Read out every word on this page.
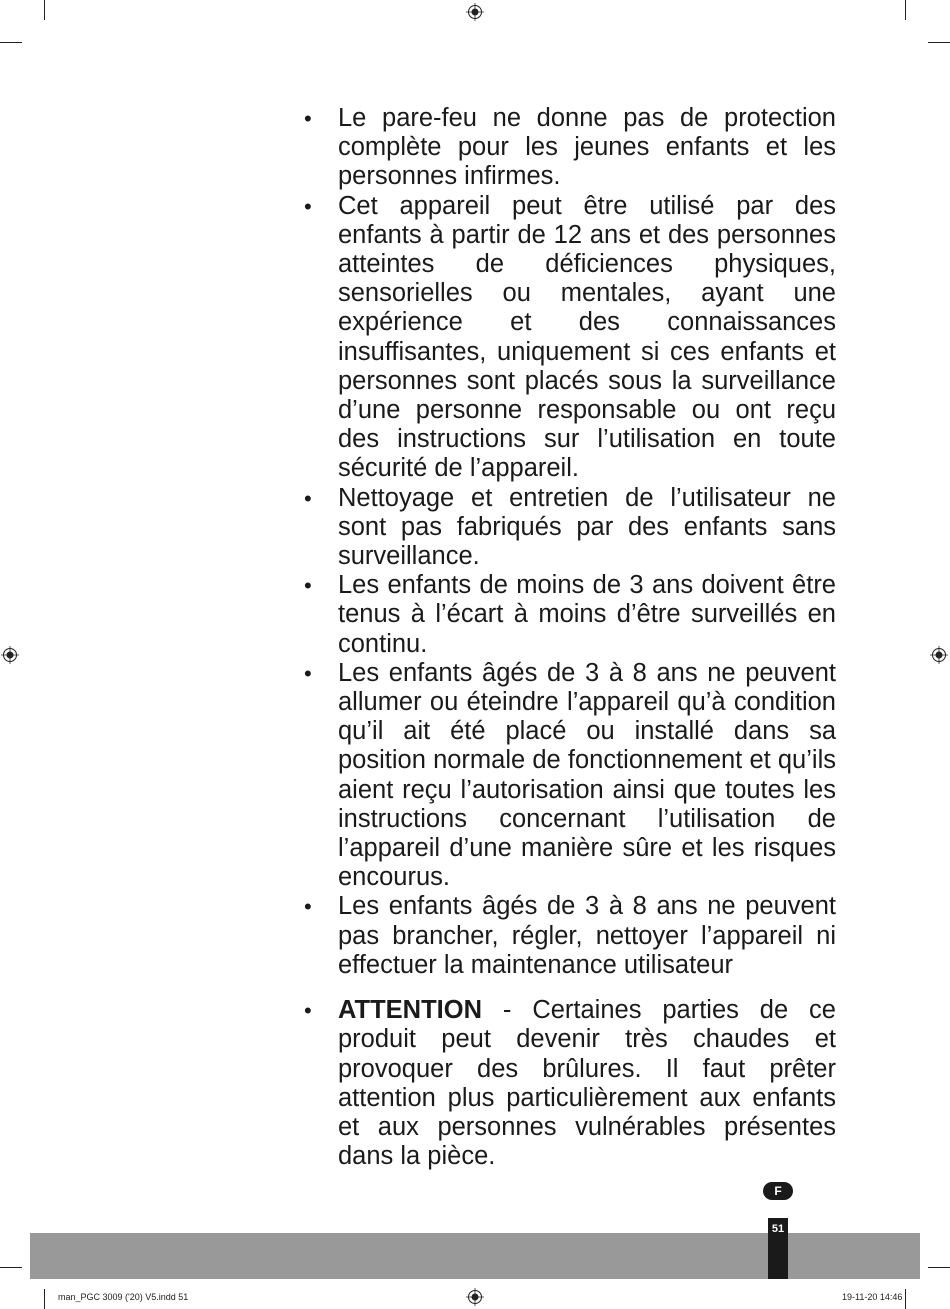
• Le pare-feu ne donne pas de protection complète pour les jeunes enfants et les personnes infirmes.
• Cet appareil peut être utilisé par des enfants à partir de 12 ans et des personnes atteintes de déficiences physiques, sensorielles ou mentales, ayant une expérience et des connaissances insuffisantes, uniquement si ces enfants et personnes sont placés sous la surveillance d’une personne responsable ou ont reçu des instructions sur l’utilisation en toute sécurité de l’appareil.
• Nettoyage et entretien de l’utilisateur ne sont pas fabriqués par des enfants sans surveillance.
• Les enfants de moins de 3 ans doivent être tenus à l’écart à moins d’être surveillés en continu.
• Les enfants âgés de 3 à 8 ans ne peuvent allumer ou éteindre l’appareil qu’à condition qu’il ait été placé ou installé dans sa position normale de fonctionnement et qu’ils aient reçu l’autorisation ainsi que toutes les instructions concernant l’utilisation de l’appareil d’une manière sûre et les risques encourus.
• Les enfants âgés de 3 à 8 ans ne peuvent pas brancher, régler, nettoyer l’appareil ni effectuer la maintenance utilisateur
• ATTENTION - Certaines parties de ce produit peut devenir très chaudes et provoquer des brûlures. Il faut prêter attention plus particulièrement aux enfants et aux personnes vulnérables présentes dans la pièce.
F
51
man_PGC 3009 ('20) V5.indd 51	19-11-20 14:46
